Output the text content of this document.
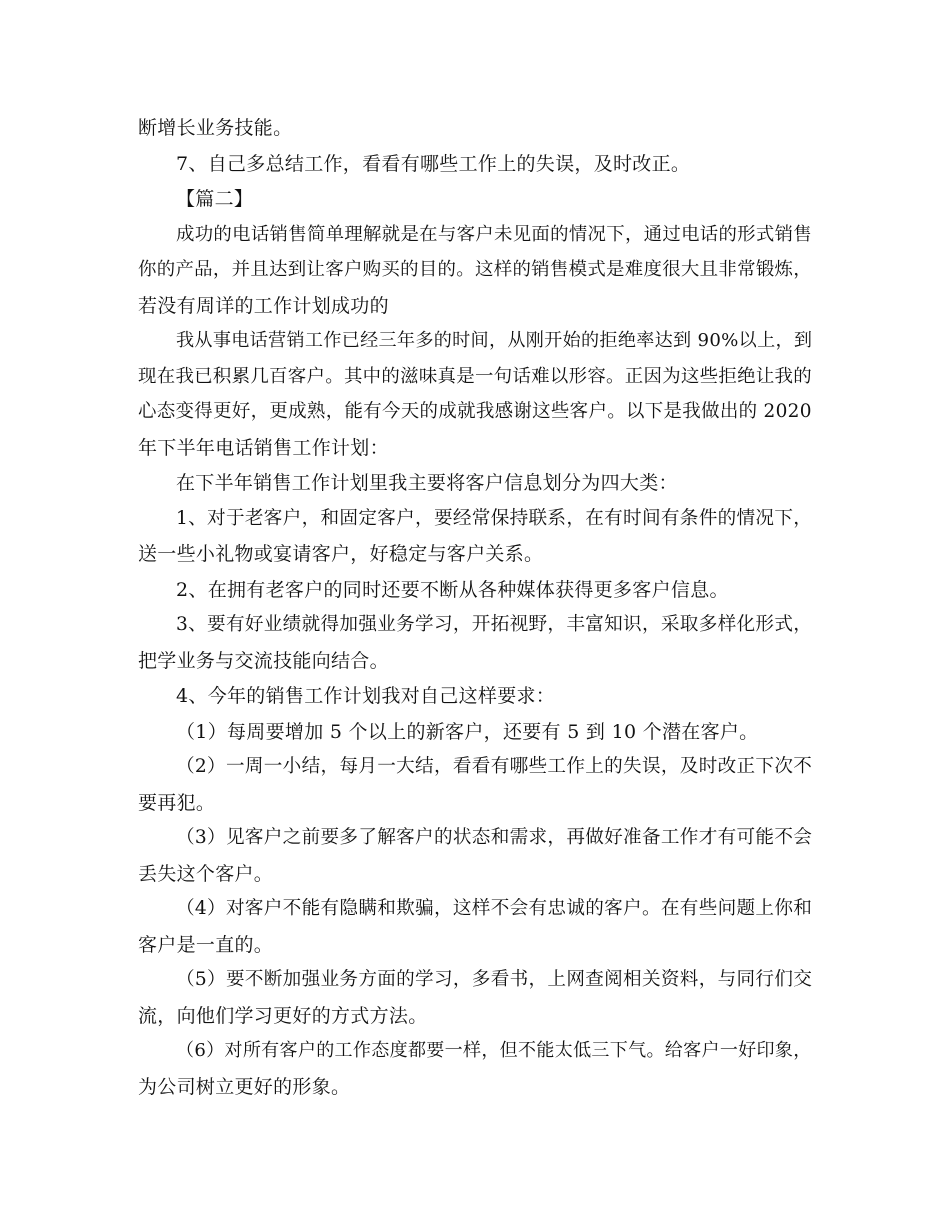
断增长业务技能。
7、自己多总结工作，看看有哪些工作上的失误，及时改正。
【篇二】
成功的电话销售简单理解就是在与客户未见面的情况下，通过电话的形式销售
你的产品，并且达到让客户购买的目的。这样的销售模式是难度很大且非常锻炼，
若没有周详的工作计划成功的
我从事电话营销工作已经三年多的时间，从刚开始的拒绝率达到 90%以上，到
现在我已积累几百客户。其中的滋味真是一句话难以形容。正因为这些拒绝让我的
心态变得更好，更成熟，能有今天的成就我感谢这些客户。以下是我做出的 2020
年下半年电话销售工作计划：
在下半年销售工作计划里我主要将客户信息划分为四大类：
1、对于老客户，和固定客户，要经常保持联系，在有时间有条件的情况下，
送一些小礼物或宴请客户，好稳定与客户关系。
2、在拥有老客户的同时还要不断从各种媒体获得更多客户信息。
3、要有好业绩就得加强业务学习，开拓视野，丰富知识，采取多样化形式，
把学业务与交流技能向结合。
4、今年的销售工作计划我对自己这样要求：
（1）每周要增加 5 个以上的新客户，还要有 5 到 10 个潜在客户。
（2）一周一小结，每月一大结，看看有哪些工作上的失误，及时改正下次不
要再犯。
（3）见客户之前要多了解客户的状态和需求，再做好准备工作才有可能不会
丢失这个客户。
（4）对客户不能有隐瞒和欺骗，这样不会有忠诚的客户。在有些问题上你和
客户是一直的。
（5）要不断加强业务方面的学习，多看书，上网查阅相关资料，与同行们交
流，向他们学习更好的方式方法。
（6）对所有客户的工作态度都要一样，但不能太低三下气。给客户一好印象，
为公司树立更好的形象。
